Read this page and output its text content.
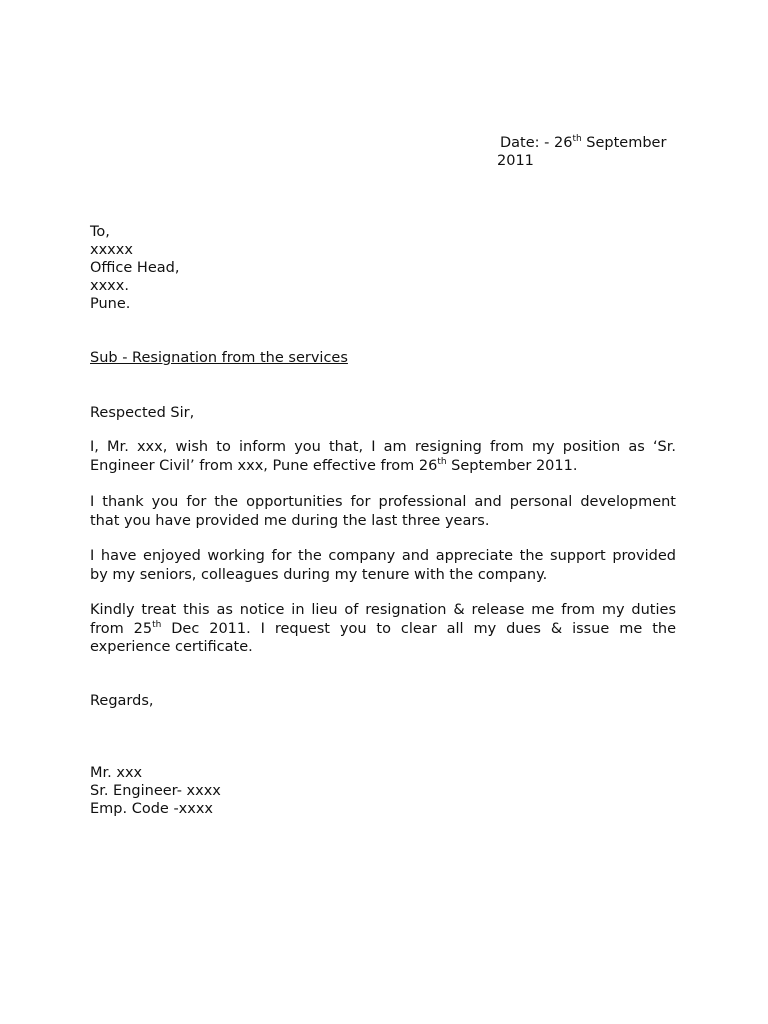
Date: - 26th September
2011
To,
xxxxx
Office Head,
xxxx.
Pune.
Sub - Resignation from the services
Respected Sir,
I, Mr. xxx, wish to inform you that, I am resigning from my position as ‘Sr.
Engineer Civil’ from xxx, Pune effective from 26th September 2011.
I thank you for the opportunities for professional and personal development
that you have provided me during the last three years.
I have enjoyed working for the company and appreciate the support provided
by my seniors, colleagues during my tenure with the company.
Kindly treat this as notice in lieu of resignation & release me from my duties
from 25th Dec 2011. I request you to clear all my dues & issue me the
experience certificate.
Regards,
Mr. xxx
Sr. Engineer- xxxx
Emp. Code -xxxx
